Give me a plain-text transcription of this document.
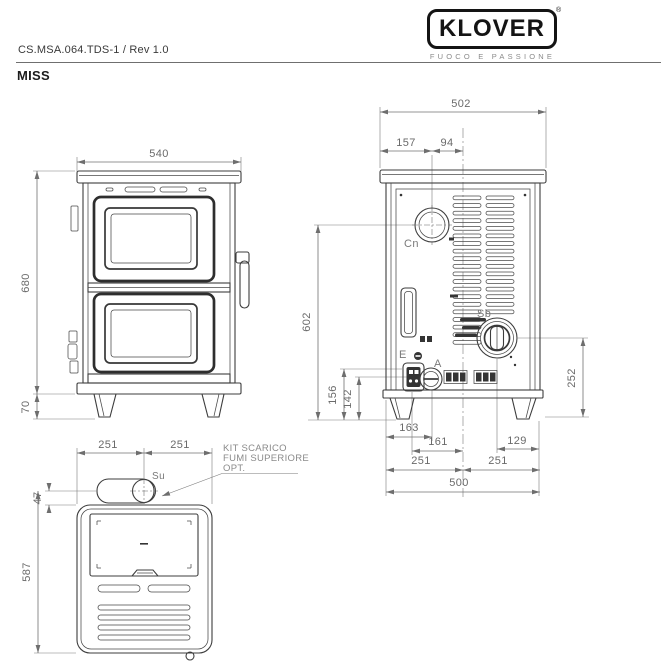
CS.MSA.064.TDS-1 / Rev 1.0
MISS
KLOVER
®
FUOCO E PASSIONE
540
680
70
502
157 94
602
156 142
252
129
163
161
251	251
500
Cn
Sb
E
A
251	251
47
587
Su
KIT SCARICO
FUMI SUPERIORE
OPT.
